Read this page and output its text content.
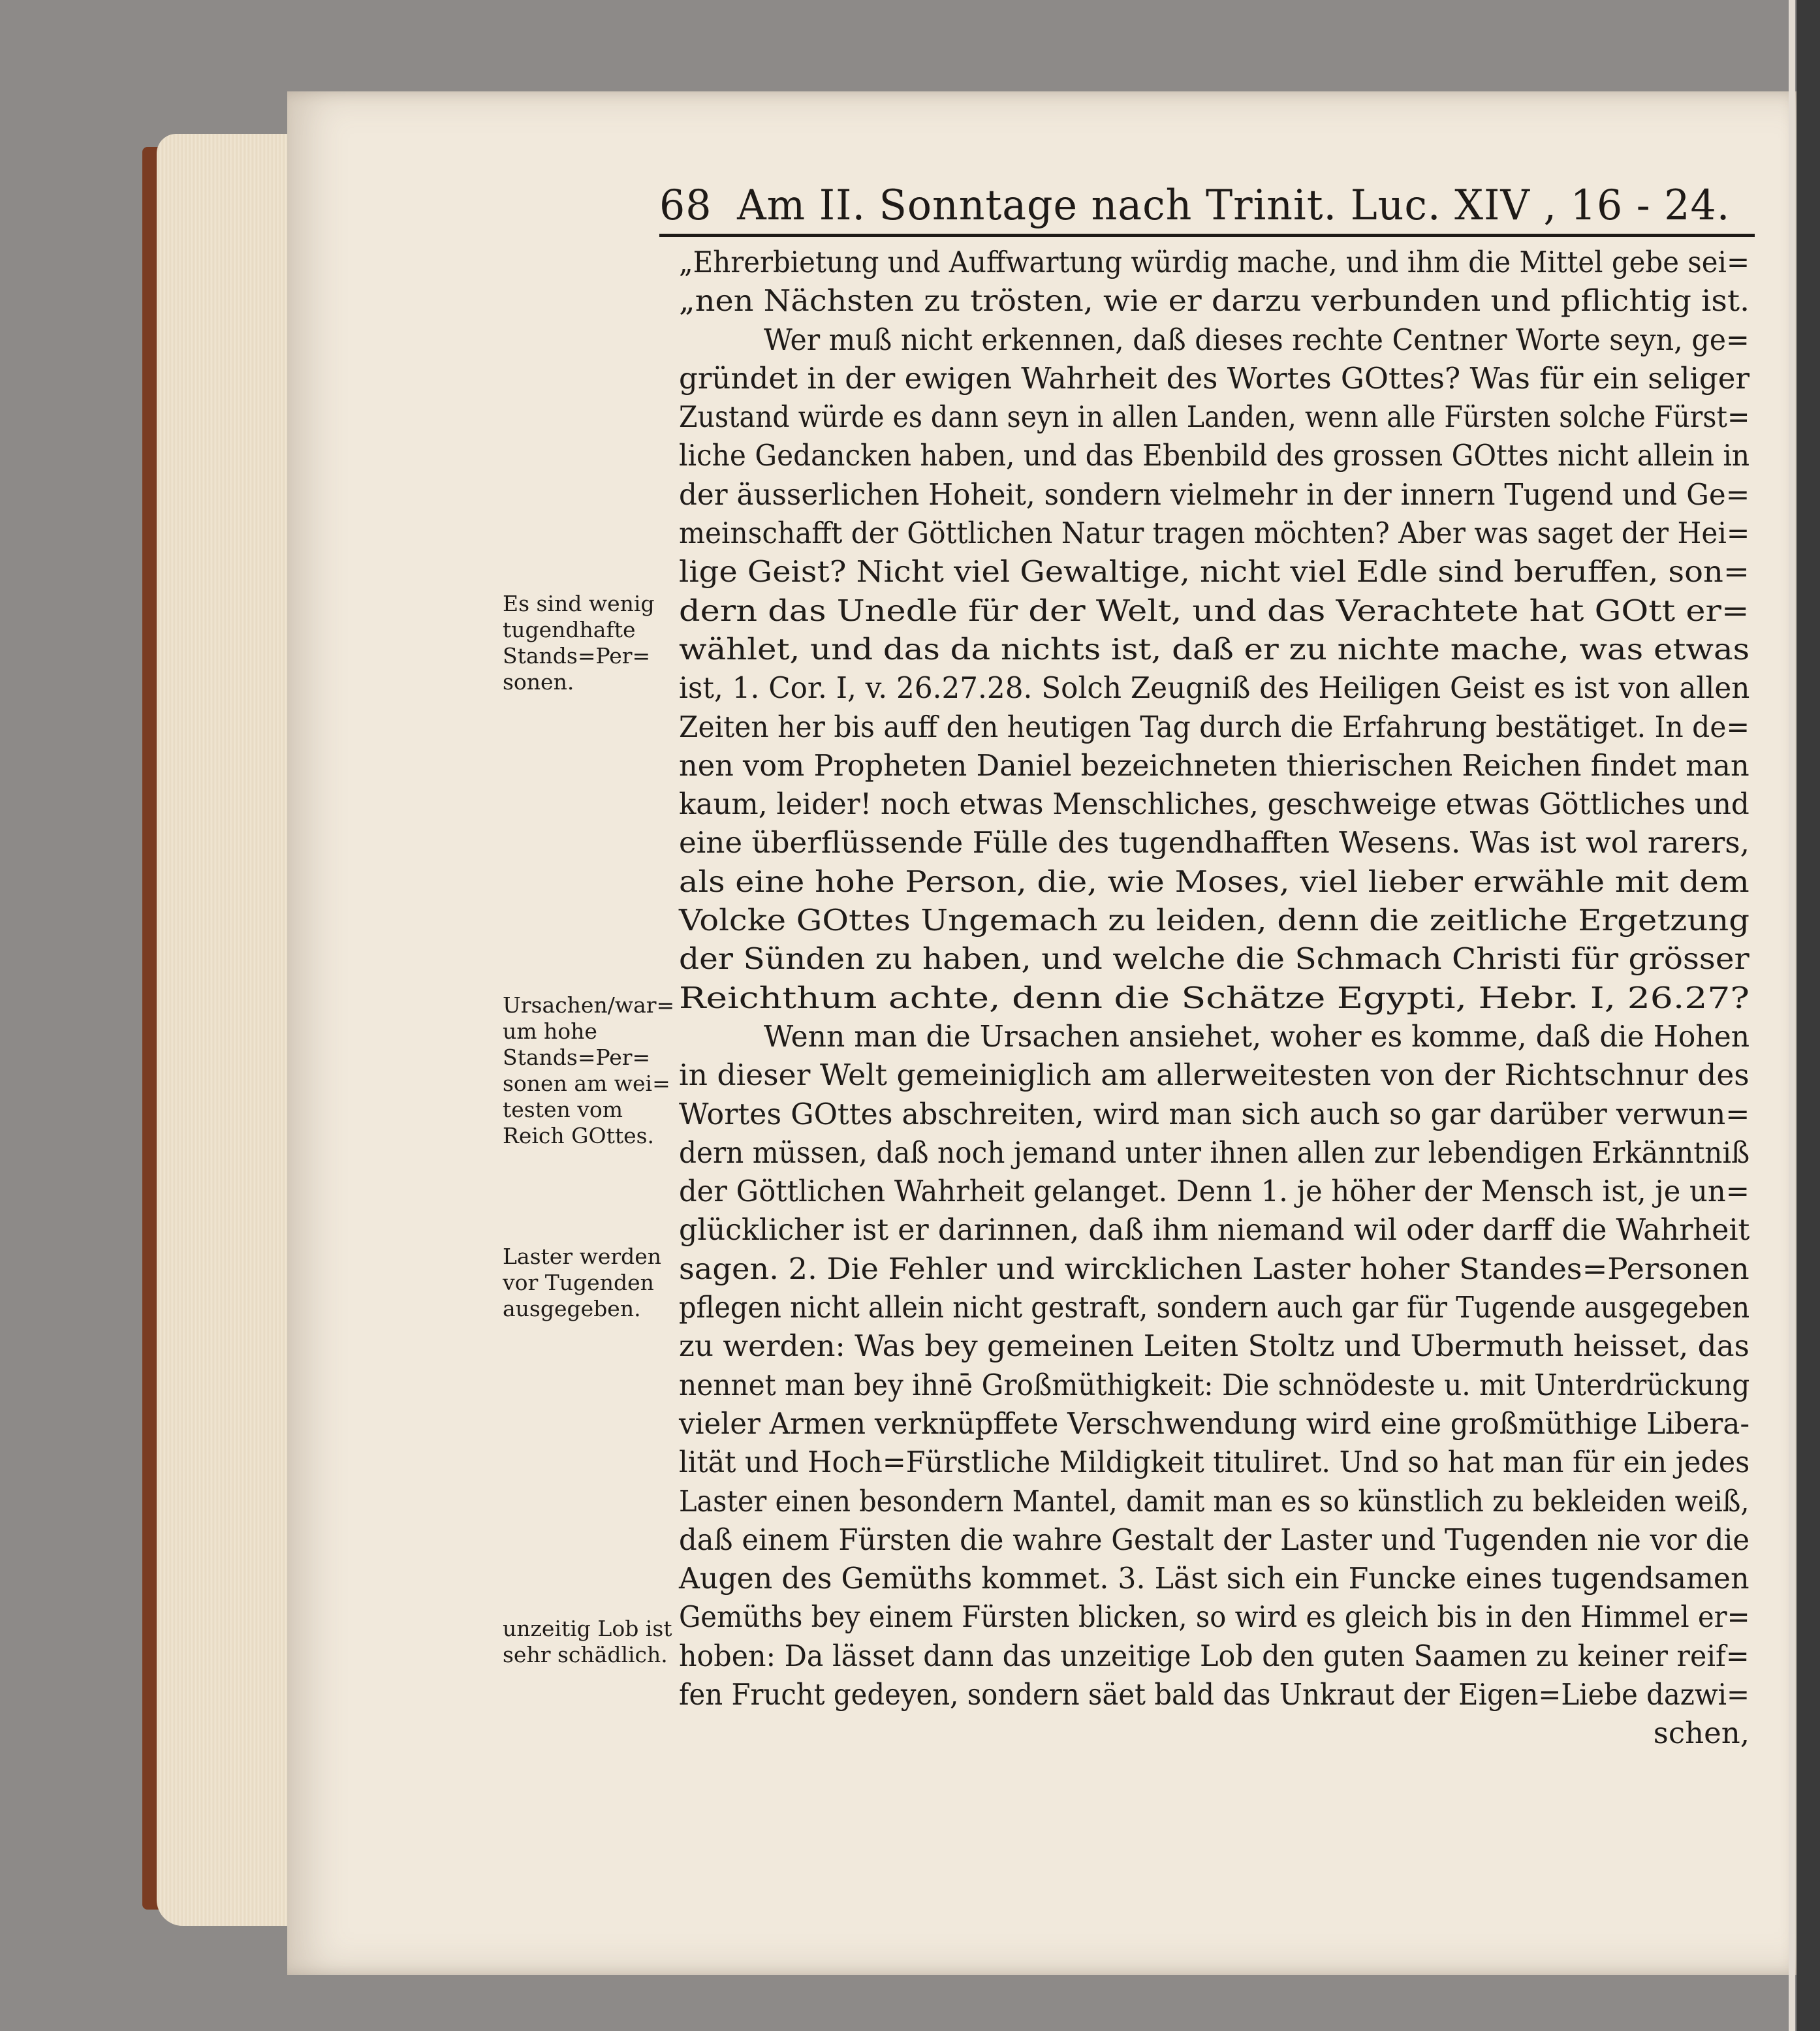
68 Am II. Sonntage nach Trinit. Luc. XIV , 16 - 24.
„Ehrerbietung und Auffwartung würdig mache, und ihm die Mittel gebe sei=
„nen Nächsten zu trösten, wie er darzu verbunden und pflichtig ist.
Wer muß nicht erkennen, daß dieses rechte Centner Worte seyn, ge=
gründet in der ewigen Wahrheit des Wortes GOttes? Was für ein seliger
Zustand würde es dann seyn in allen Landen, wenn alle Fürsten solche Fürst=
liche Gedancken haben, und das Ebenbild des grossen GOttes nicht allein in
der äusserlichen Hoheit, sondern vielmehr in der innern Tugend und Ge=
meinschafft der Göttlichen Natur tragen möchten? Aber was saget der Hei=
lige Geist? Nicht viel Gewaltige, nicht viel Edle sind beruffen, son=
dern das Unedle für der Welt, und das Verachtete hat GOtt er=
wählet, und das da nichts ist, daß er zu nichte mache, was etwas
ist, 1. Cor. I, v. 26.27.28. Solch Zeugniß des Heiligen Geist es ist von allen
Zeiten her bis auff den heutigen Tag durch die Erfahrung bestätiget. In de=
nen vom Propheten Daniel bezeichneten thierischen Reichen findet man
kaum, leider! noch etwas Menschliches, geschweige etwas Göttliches und
eine überflüssende Fülle des tugendhafften Wesens. Was ist wol rarers,
als eine hohe Person, die, wie Moses, viel lieber erwähle mit dem
Volcke GOttes Ungemach zu leiden, denn die zeitliche Ergetzung
der Sünden zu haben, und welche die Schmach Christi für grösser
Reichthum achte, denn die Schätze Egypti, Hebr. I, 26.27?
Wenn man die Ursachen ansiehet, woher es komme, daß die Hohen
in dieser Welt gemeiniglich am allerweitesten von der Richtschnur des
Wortes GOttes abschreiten, wird man sich auch so gar darüber verwun=
dern müssen, daß noch jemand unter ihnen allen zur lebendigen Erkänntniß
der Göttlichen Wahrheit gelanget. Denn 1. je höher der Mensch ist, je un=
glücklicher ist er darinnen, daß ihm niemand wil oder darff die Wahrheit
sagen. 2. Die Fehler und wircklichen Laster hoher Standes=Personen
pflegen nicht allein nicht gestraft, sondern auch gar für Tugende ausgegeben
zu werden: Was bey gemeinen Leiten Stoltz und Ubermuth heisset, das
nennet man bey ihnē Großmüthigkeit: Die schnödeste u. mit Unterdrückung
vieler Armen verknüpffete Verschwendung wird eine großmüthige Libera-
lität und Hoch=Fürstliche Mildigkeit tituliret. Und so hat man für ein jedes
Laster einen besondern Mantel, damit man es so künstlich zu bekleiden weiß,
daß einem Fürsten die wahre Gestalt der Laster und Tugenden nie vor die
Augen des Gemüths kommet. 3. Läst sich ein Funcke eines tugendsamen
Gemüths bey einem Fürsten blicken, so wird es gleich bis in den Himmel er=
hoben: Da lässet dann das unzeitige Lob den guten Saamen zu keiner reif=
fen Frucht gedeyen, sondern säet bald das Unkraut der Eigen=Liebe dazwi=
schen,
Es sind wenig
tugendhafte
Stands=Per=
sonen.
Ursachen/war=
um hohe
Stands=Per=
sonen am wei=
testen vom
Reich GOttes.
Laster werden
vor Tugenden
ausgegeben.
unzeitig Lob ist
sehr schädlich.
